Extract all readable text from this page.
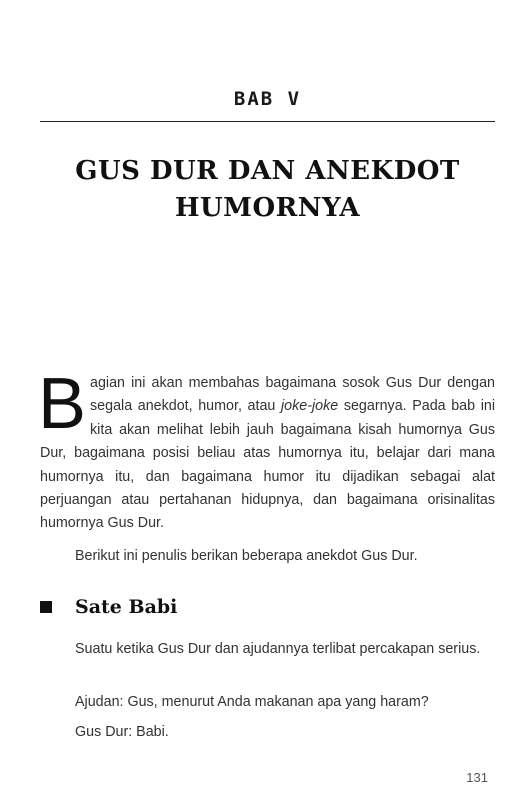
BAB V
GUS DUR DAN ANEKDOT
HUMORNYA
Bagian ini akan membahas bagaimana sosok Gus Dur dengan segala anekdot, humor, atau joke-joke segarnya. Pada bab ini kita akan melihat lebih jauh bagaimana kisah humornya Gus Dur, bagaimana posisi beliau atas humornya itu, belajar dari mana humornya itu, dan bagaimana humor itu dijadikan sebagai alat perjuangan atau pertahanan hidupnya, dan bagaimana orisinalitas humornya Gus Dur.
Berikut ini penulis berikan beberapa anekdot Gus Dur.
Sate Babi
Suatu ketika Gus Dur dan ajudannya terlibat percakapan serius.
Ajudan: Gus, menurut Anda makanan apa yang haram?
Gus Dur: Babi.
131
